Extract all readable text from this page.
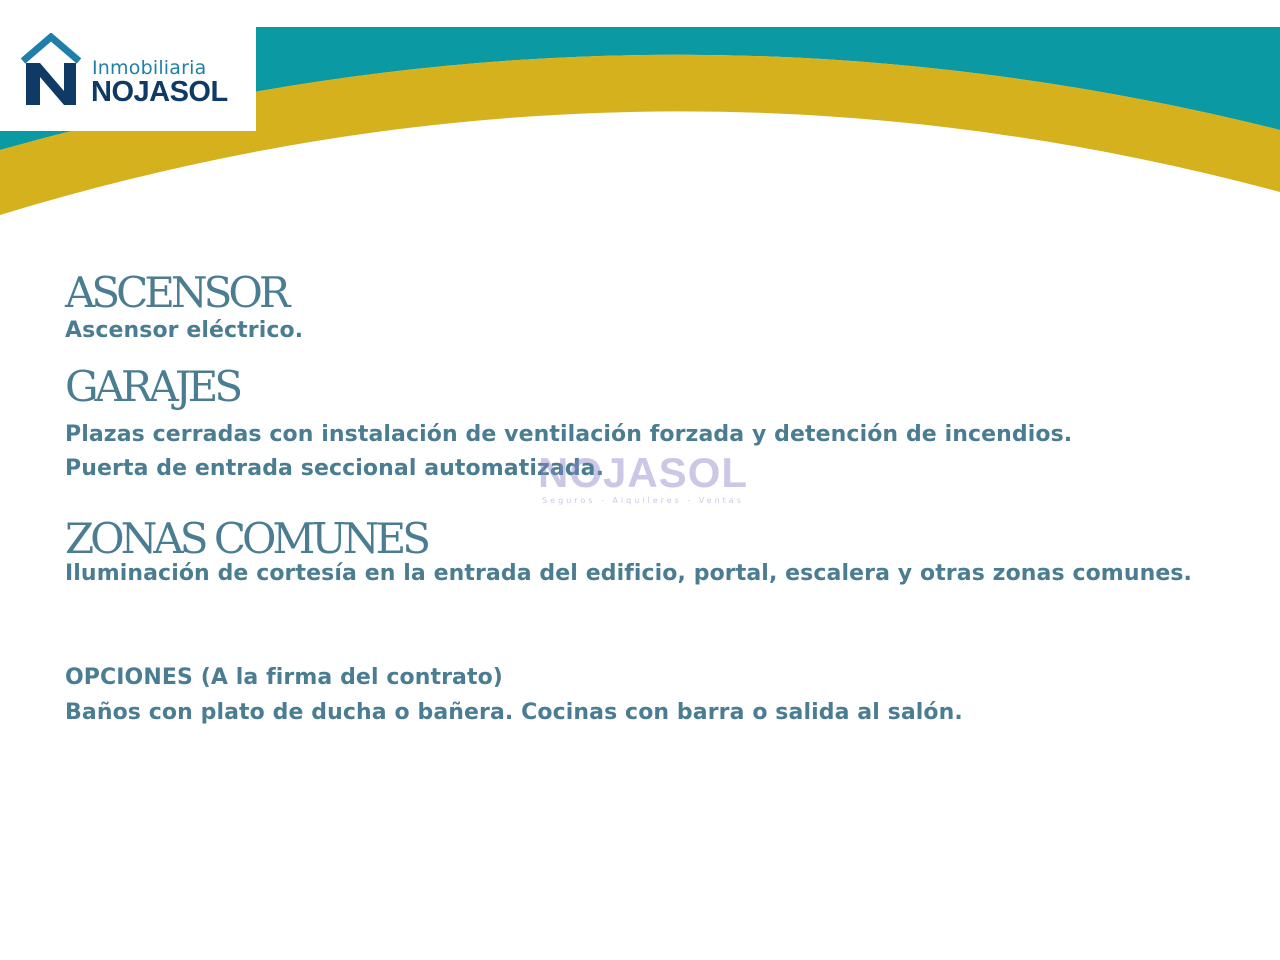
Inmobiliaria
NOJASOL
ASCENSOR
Ascensor eléctrico.
GARAJES
Plazas cerradas con instalación de ventilación forzada y detención de incendios.
Puerta de entrada seccional automatizada.
ZONAS COMUNES
Iluminación de cortesía en la entrada del edificio, portal, escalera y otras zonas comunes.
OPCIONES (A la firma del contrato)
Baños con plato de ducha o bañera. Cocinas con barra o salida al salón.
NOJASOL
Seguros - Alquileres - Ventas
